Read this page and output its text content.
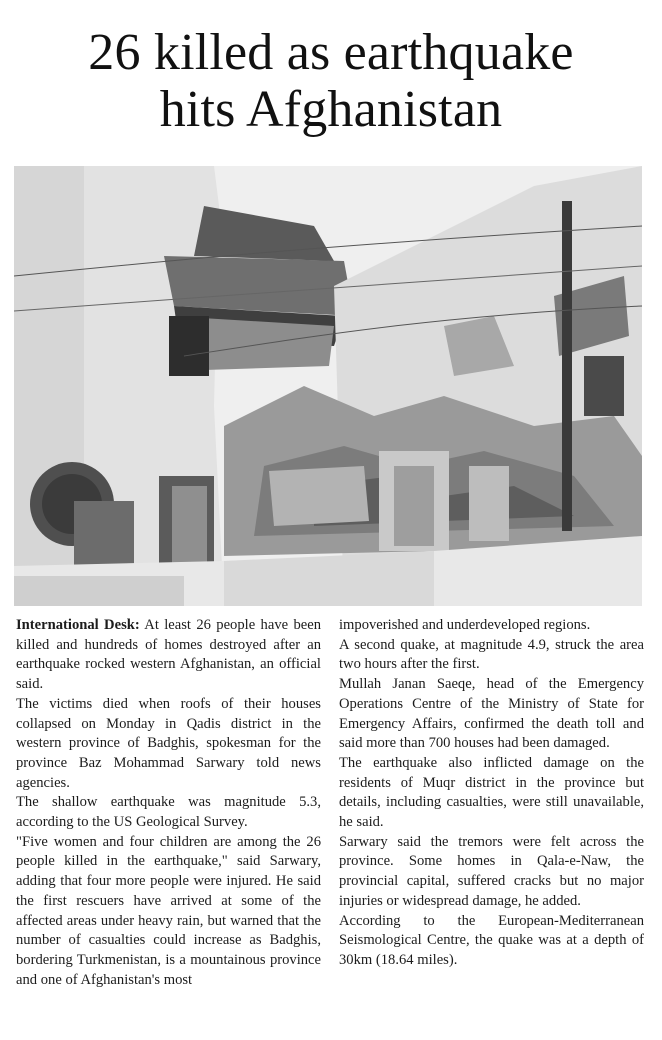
26 killed as earthquake
hits Afghanistan

International Desk: At least 26 people have been killed and hundreds of homes destroyed after an earthquake rocked western Afghanistan, an official said.

The victims died when roofs of their houses collapsed on Monday in Qadis district in the western province of Badghis, spokesman for the province Baz Mohammad Sarwary told news agencies.

The shallow earthquake was magnitude 5.3, according to the US Geological Survey.

"Five women and four children are among the 26 people killed in the earthquake," said Sarwary, adding that four more people were injured. He said the first rescuers have arrived at some of the affected areas under heavy rain, but warned that the number of casualties could increase as Badghis, bordering Turkmenistan, is a mountainous province and one of Afghanistan's most

impoverished and underdeveloped regions.

A second quake, at magnitude 4.9, struck the area two hours after the first.

Mullah Janan Saeqe, head of the Emergency Operations Centre of the Ministry of State for Emergency Affairs, confirmed the death toll and said more than 700 houses had been damaged.

The earthquake also inflicted damage on the residents of Muqr district in the province but details, including casualties, were still unavailable, he said.

Sarwary said the tremors were felt across the province. Some homes in Qala-e-Naw, the provincial capital, suffered cracks but no major injuries or widespread damage, he added.

According to the European-Mediterranean Seismological Centre, the quake was at a depth of 30km (18.64 miles).
